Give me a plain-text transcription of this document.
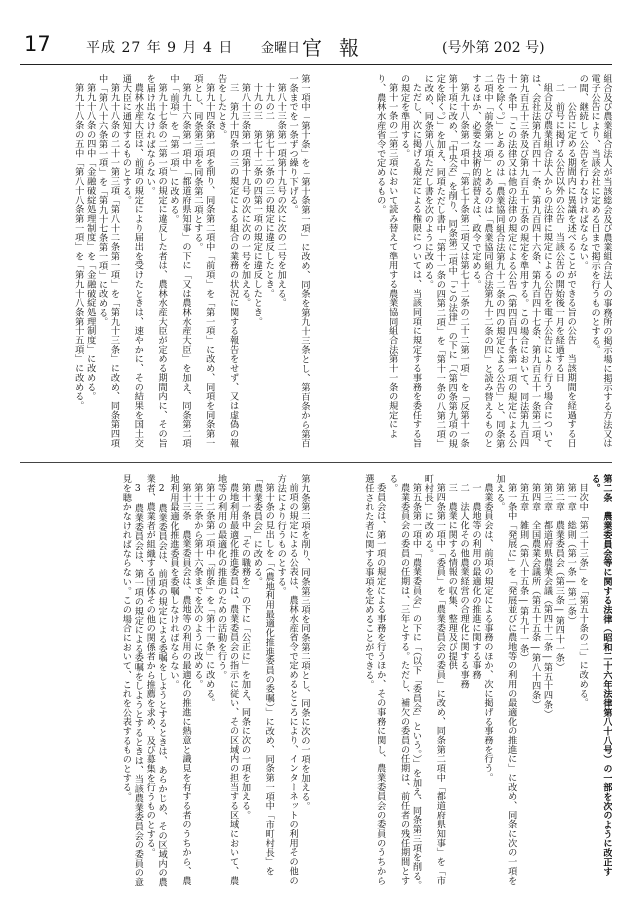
17	平成 27 年 9 月 4 日 金曜日 官報	(号外第 202 号)

組合及び農業組合法人が当該総会及び農業組合法人の事務所の掲示場に掲示する方法又は電子公告により、当該会社に定める日まで掲示を行うものとする。

の間、継続して公告を行わなければならない。

一　公告に定める期間内に異議を述べることができる旨の公告　当該期間を経過する日

二　前号に掲げる公告以外の公告　当該公告の開始後一月を経過する日

組合及び農業組合法人からの法律に規定による公告を電子公告により行う場合については、会社法第九百四十一条、第九百四十六条、第九百四十七条、第九百五十一条第二項、第九百五十三条及び第九百五十五条の規定を準用する。この場合において、同法第九百四十一条中「この法律又は他の法律の規定による公告（第四百四十条第一項の規定による公告を除く。）」とあるのは「農業協同組合法第九十二条の四の規定による公告」と、同条第二項中「前条第一項」とあるのは「農業協同組合法第九十二条の四」と読み替えるものとするほか、必要な技術的読替えは、政令で定める。

第九十八条第一項中「第七十条第二項又は第七十二条の二十二第一項」を「反第十一条第十項に改め、「中央会」を削り、同条第二項中「この法律」の下に「（第四条第九項の規定を除く。）」を加え、同項ただし書中「第十一条の四第二項」を「第十一条の八第二項」に改め、同条第八項ただし書を次のように改める。

ただし、次に掲げる規定による権限については、当該同項に規定する事務を委任する旨の規定を準用する。

第十一条の二第三項において読み替えて準用する農業協同組合法第十一条の規定により、農林水産省令で定めるもの。

第一項中「第十条」を「第十条第一項」に改め、同条を第九十三条とし、第百条から第百一条までを一条ずつ繰り下げる。

第八十三条第一項第十九号の次に次の二号を加える。

十九の二　第七十二条の三の規定に違反したとき。

十九の三　第七十二条の四第一項の規定に違反したとき。

第八十三条第一項第十九号の次に次の一号を加える。

三　第九十四条の三の規定による組合の業務の状況に関する報告をせず、又は虚偽の報告をしたとき。

第九十四条第一項を削り、同条第二項中「前項」を「第一項」に改め、同項を同条第一項とし、同条第三項を同条第二項とする。

第九十六条第一項中「都道府県知事」の下に「又は農林水産大臣」を加え、同条第二項中「前項」を「第一項」に改める。

第九十七条の二第一項の規定に違反した者は、農林水産大臣が定める期間内に、その旨を届け出なければならない。

農林水産大臣は、前項の規定により届出を受けたときは、速やかに、その結果を国土交通大臣に通知するものとする。

第九十八条の二十一第三項「第八十二条第一項」を「第九十三条」に改め、同条第四項中「第八十六条第一項」を「第九十七条第一項」に改める。

第九十八条の四中「金融破綻処理制度」を「金融破綻処理制度」に改める。

第九十八条の五中「第八十八条第一項」を「第九十八条第十五項」に改める。

第二条　農業委員会等に関する法律（昭和二十六年法律第八十八号）の一部を次のように改正する。

目次中「第二十三条」を「第五十条の二」に改める。

第一章　総則（第一条―第二条）

第二章　農業委員会（第三条―第四十一条）

第三章　都道府県農業会議（第四十二条―第五十四条）

第四章　全国農業会議所（第五十五条―第八十四条）

第五章　雑則（第八十五条―第九十一条）

第一条中「発展に」を「発展並びに農地等の利用の最適化の推進に」に改め、同条に次の一項を加える。

農業委員会は、前項の規定による事務のほか、次に掲げる事務を行う。

一　農地等の利用の最適化の推進に関する事務

二　法人化その他農業経営の合理化に関する事務

三　農業に関する情報の収集、整理及び提供

第四条第一項中「委員」を「農業委員会の委員」に改め、同条第二項中「都道府県知事」を「市町村長」に改める。

第五条第一項中「農業委員会」の下に「（以下「委員会」という。）」を加え、同条第三項を削る。

農業委員会の委員の任期は、三年とする。ただし、補欠の委員の任期は、前任者の残任期間とする。

委員会は、第一項の規定による事務を行うほか、その事務に関し、農業委員会の委員のうちから選任された者に関する事項を定めることができる。

第九条第二項を削り、同条第三項を同条第二項とし、同条に次の一項を加える。

前項の規定による公表は、農林水産省令で定めるところにより、インターネットの利用その他の方法により行うものとする。

第十条の見出しを「（農地利用最適化推進委員の委嘱）」に改め、同条第一項中「市町村長」を「農業委員会」に改める。

第十一条中「その職務を」の下に「公正に」を加え、同条に次の一項を加える。

農地利用最適化推進委員は、農業委員会の指示に従い、その区域内の担当する区域において、農地等の利用の最適化の推進のための活動を行う。

第十二条第一項中「前条」を「第十一条」に改める。

第十三条から第十六条までを次のように改める。

第十三条　農業委員会は、農地等の利用の最適化の推進に熱意と識見を有する者のうちから、農地利用最適化推進委員を委嘱しなければならない。

2　農業委員会は、前項の規定による委嘱をしようとするときは、あらかじめ、その区域内の農業者、農業者が組織する団体その他の関係者から推薦を求め、及び募集を行うものとする。

3　農業委員会は、第一項の規定による委嘱をしようとするときは、当該農業委員会の委員の意見を聴かなければならない。この場合において、これを公表するものとする。
